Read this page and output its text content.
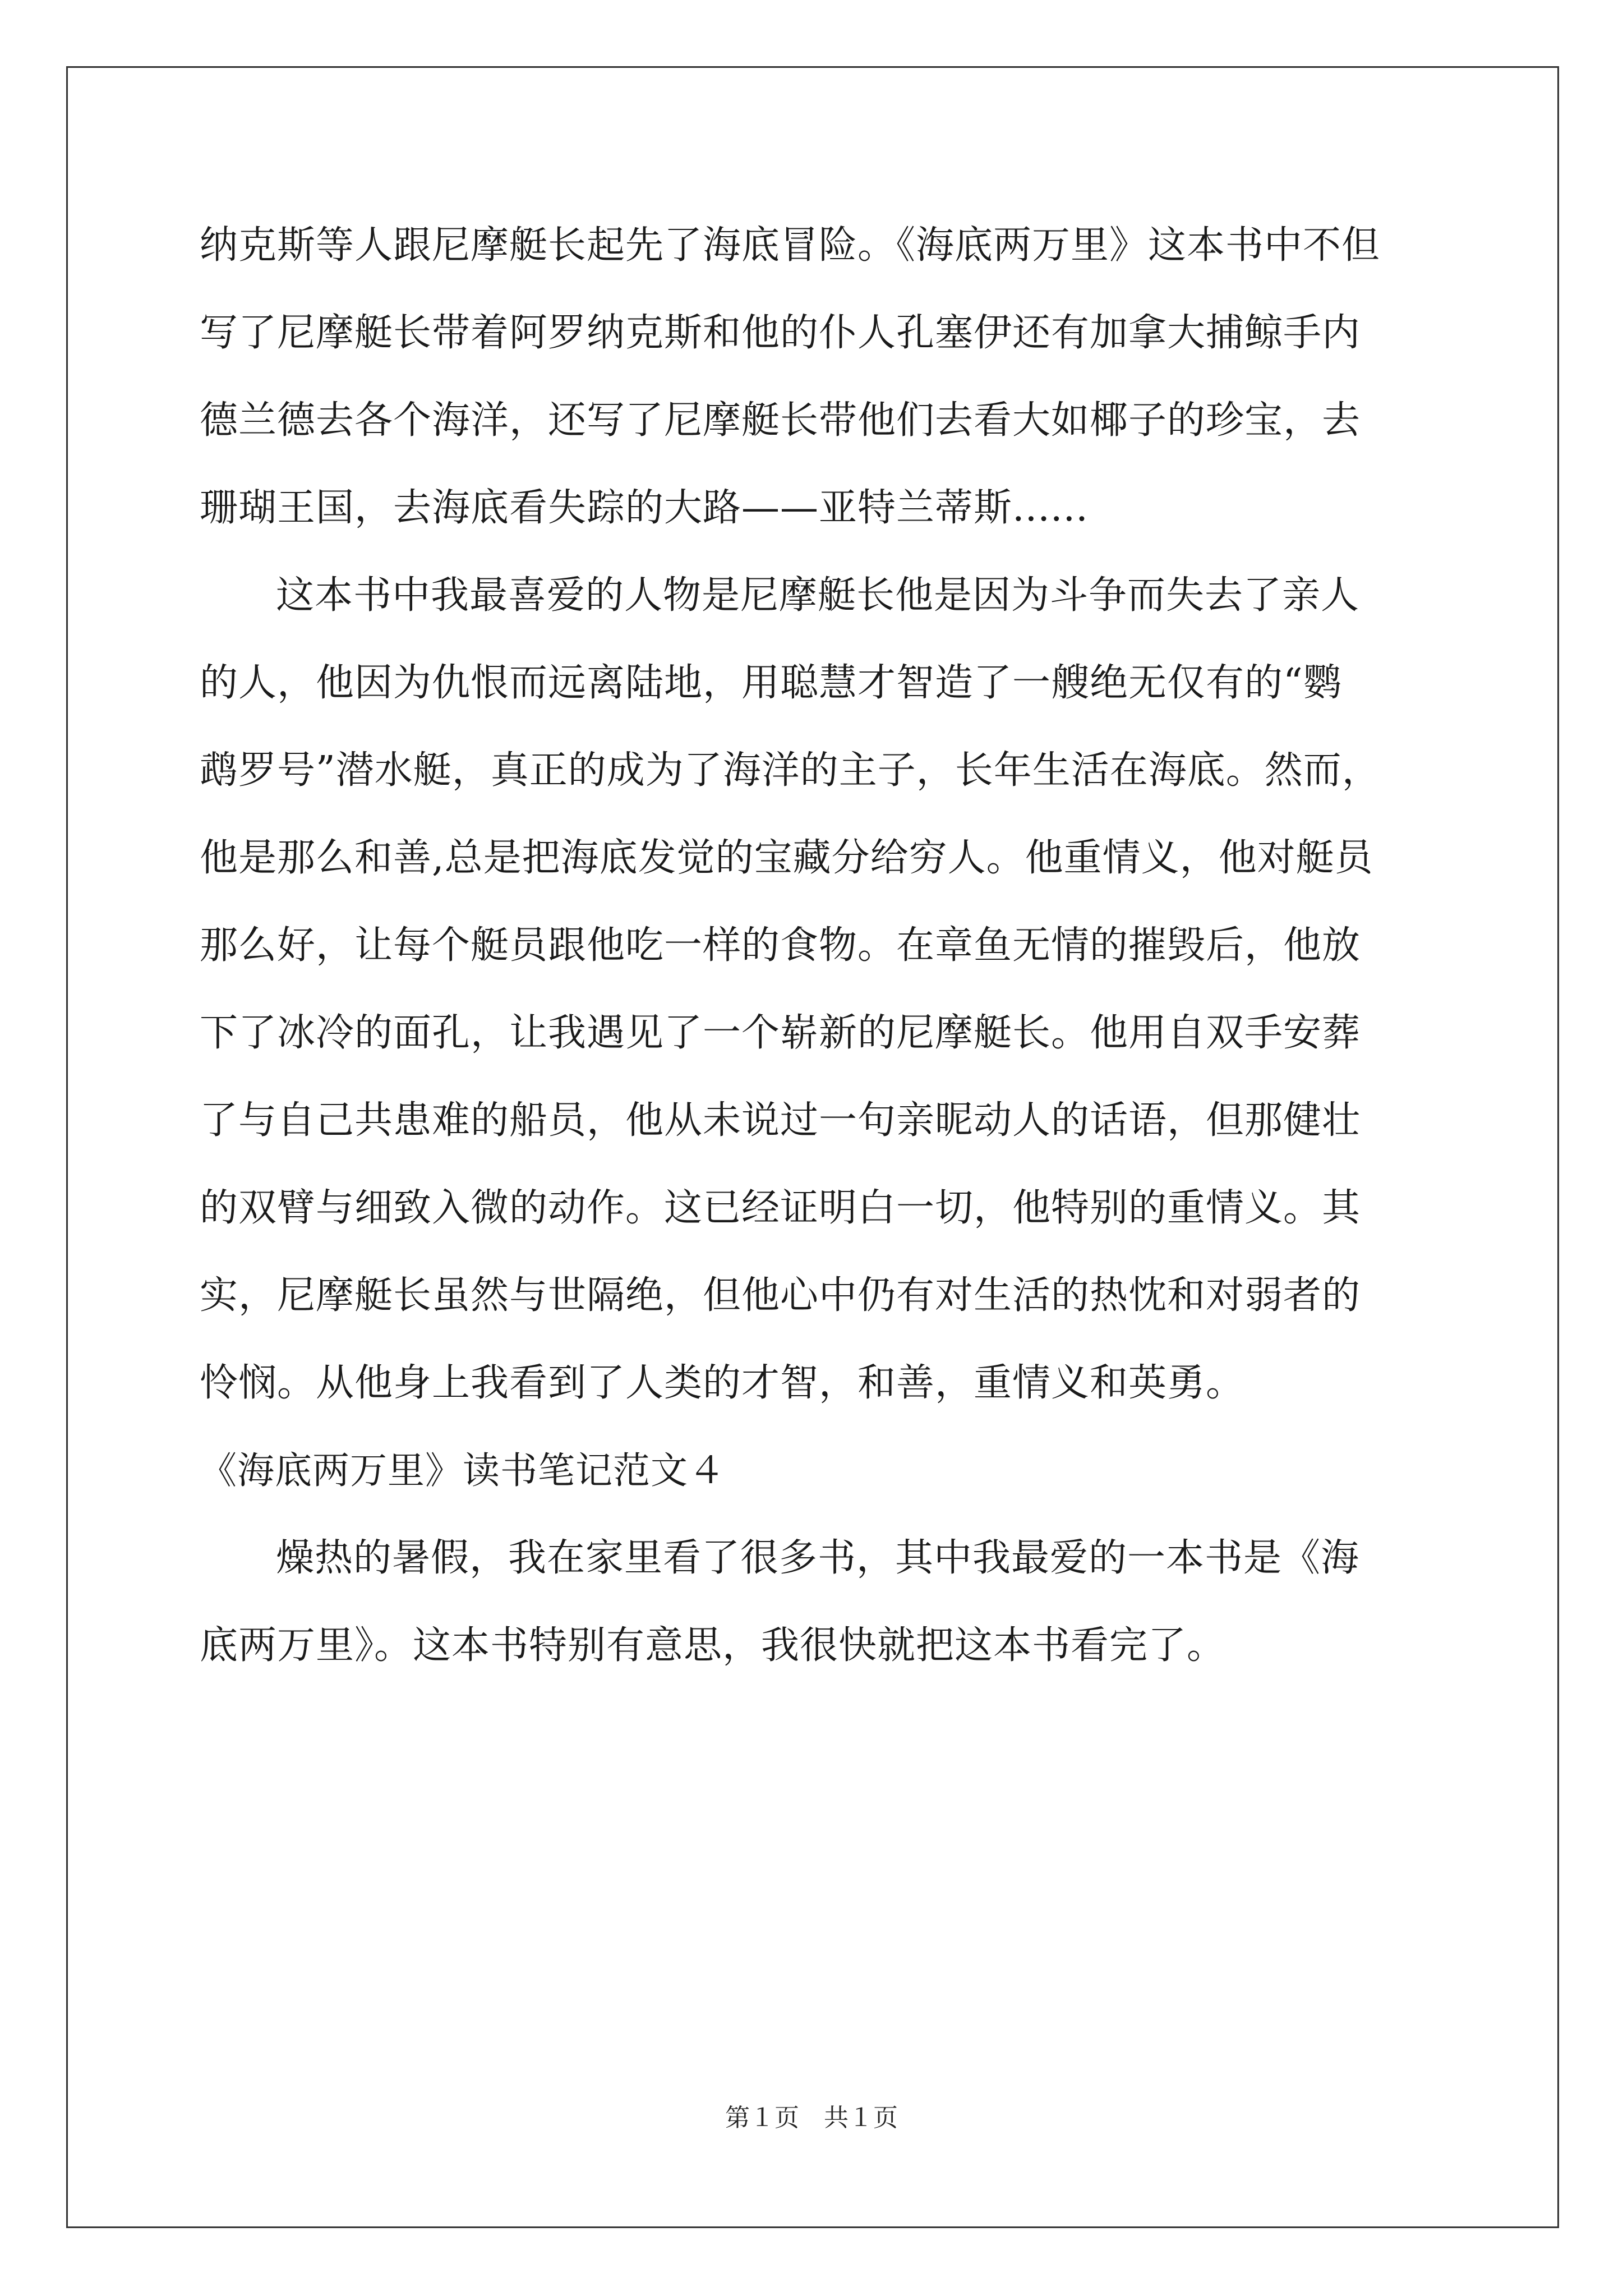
纳克斯等人跟尼摩艇长起先了海底冒险。《海底两万里》这本书中不但
写了尼摩艇长带着阿罗纳克斯和他的仆人孔塞伊还有加拿大捕鲸手内
德兰德去各个海洋，还写了尼摩艇长带他们去看大如椰子的珍宝，去
珊瑚王国，去海底看失踪的大路——亚特兰蒂斯......
这本书中我最喜爱的人物是尼摩艇长他是因为斗争而失去了亲人
的人，他因为仇恨而远离陆地，用聪慧才智造了一艘绝无仅有的“鹦
鹉罗号”潜水艇，真正的成为了海洋的主子，长年生活在海底。然而，
他是那么和善,总是把海底发觉的宝藏分给穷人。他重情义，他对艇员
那么好，让每个艇员跟他吃一样的食物。在章鱼无情的摧毁后，他放
下了冰冷的面孔，让我遇见了一个崭新的尼摩艇长。他用自双手安葬
了与自己共患难的船员，他从未说过一句亲昵动人的话语，但那健壮
的双臂与细致入微的动作。这已经证明白一切，他特别的重情义。其
实，尼摩艇长虽然与世隔绝，但他心中仍有对生活的热忱和对弱者的
怜悯。从他身上我看到了人类的才智，和善，重情义和英勇。
《海底两万里》读书笔记范文４
燥热的暑假，我在家里看了很多书，其中我最爱的一本书是《海
底两万里》。这本书特别有意思，我很快就把这本书看完了。
第１页　共１页
